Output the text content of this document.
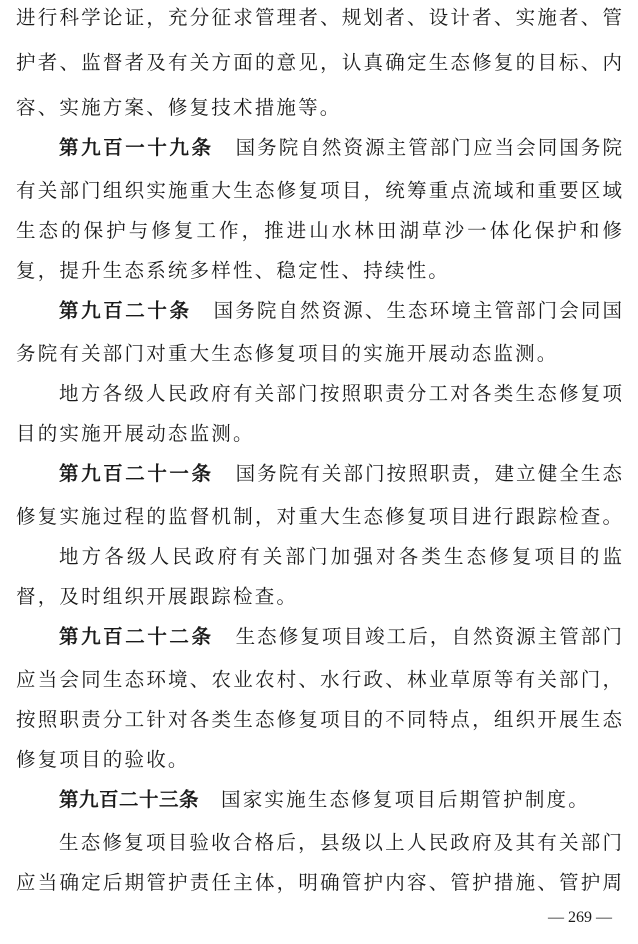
进行科学论证，充分征求管理者、规划者、设计者、实施者、管
护者、监督者及有关方面的意见，认真确定生态修复的目标、内
容、实施方案、修复技术措施等。
第九百一十九条 国务院自然资源主管部门应当会同国务院
有关部门组织实施重大生态修复项目，统筹重点流域和重要区域
生态的保护与修复工作，推进山水林田湖草沙一体化保护和修
复，提升生态系统多样性、稳定性、持续性。
第九百二十条 国务院自然资源、生态环境主管部门会同国
务院有关部门对重大生态修复项目的实施开展动态监测。
地方各级人民政府有关部门按照职责分工对各类生态修复项
目的实施开展动态监测。
第九百二十一条 国务院有关部门按照职责，建立健全生态
修复实施过程的监督机制，对重大生态修复项目进行跟踪检查。
地方各级人民政府有关部门加强对各类生态修复项目的监
督，及时组织开展跟踪检查。
第九百二十二条 生态修复项目竣工后，自然资源主管部门
应当会同生态环境、农业农村、水行政、林业草原等有关部门，
按照职责分工针对各类生态修复项目的不同特点，组织开展生态
修复项目的验收。
第九百二十三条 国家实施生态修复项目后期管护制度。
生态修复项目验收合格后，县级以上人民政府及其有关部门
应当确定后期管护责任主体，明确管护内容、管护措施、管护周
— 269 —
